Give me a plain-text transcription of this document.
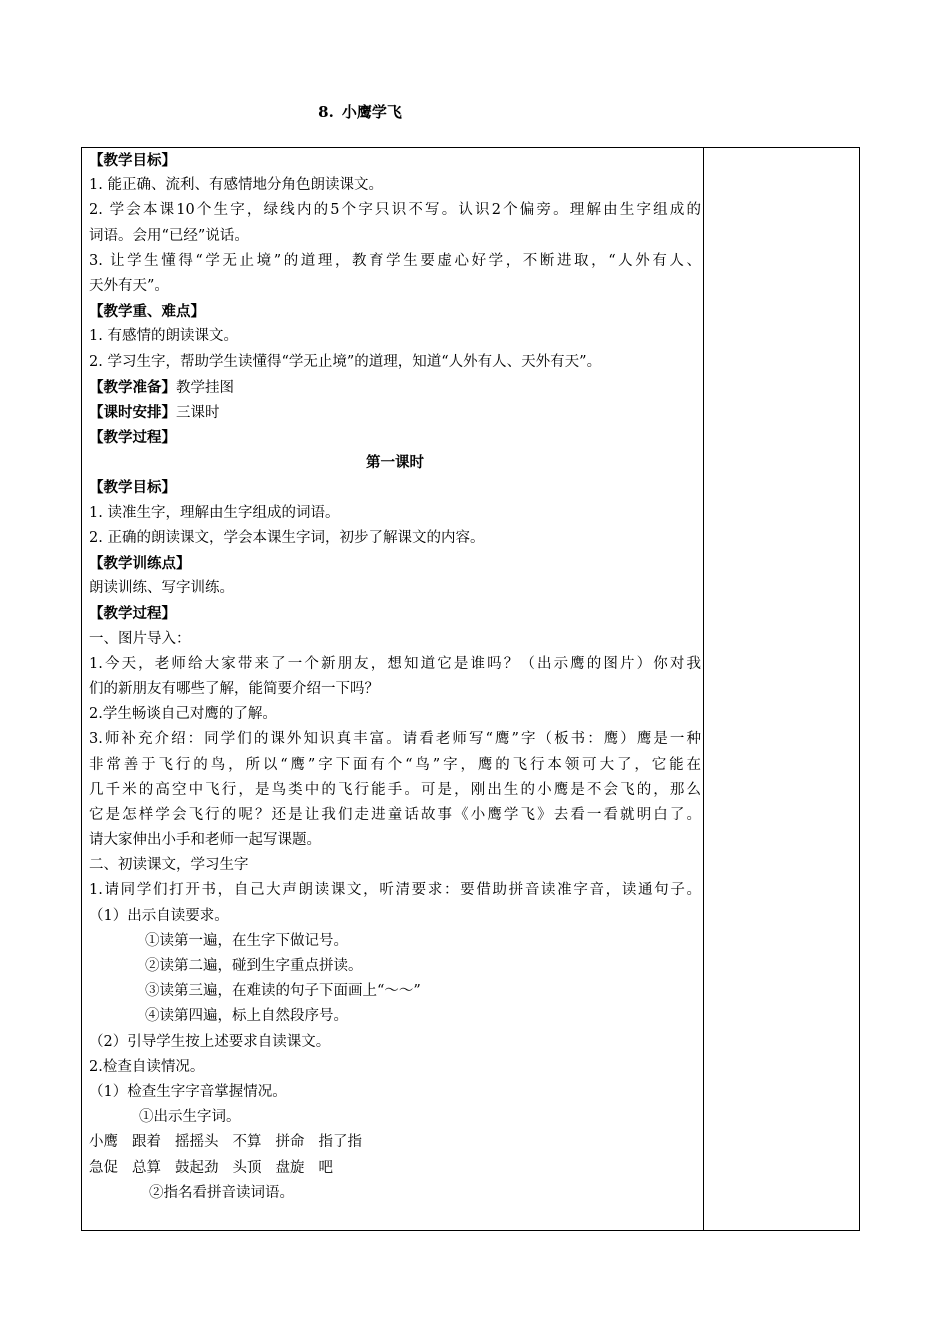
8. 小鹰学飞
【教学目标】
1. 能正确、流利、有感情地分角色朗读课文。
2. 学会本课10个生字，绿线内的5个字只识不写。认识2个偏旁。理解由生字组成的
词语。会用“已经”说话。
3. 让学生懂得“学无止境”的道理，教育学生要虚心好学，不断进取，“人外有人、
天外有天”。
【教学重、难点】
1. 有感情的朗读课文。
2. 学习生字，帮助学生读懂得“学无止境”的道理，知道“人外有人、天外有天”。
【教学准备】教学挂图
【课时安排】三课时
【教学过程】
第一课时
【教学目标】
1. 读准生字，理解由生字组成的词语。
2. 正确的朗读课文，学会本课生字词，初步了解课文的内容。
【教学训练点】
朗读训练、写字训练。
【教学过程】
一、图片导入：
1.今天，老师给大家带来了一个新朋友，想知道它是谁吗？（出示鹰的图片）你对我
们的新朋友有哪些了解，能简要介绍一下吗？
2.学生畅谈自己对鹰的了解。
3.师补充介绍：同学们的课外知识真丰富。请看老师写“鹰”字（板书：鹰）鹰是一种
非常善于飞行的鸟，所以“鹰”字下面有个“鸟”字，鹰的飞行本领可大了，它能在
几千米的高空中飞行，是鸟类中的飞行能手。可是，刚出生的小鹰是不会飞的，那么
它是怎样学会飞行的呢？还是让我们走进童话故事《小鹰学飞》去看一看就明白了。
请大家伸出小手和老师一起写课题。
二、初读课文，学习生字
1.请同学们打开书，自己大声朗读课文，听清要求：要借助拼音读准字音，读通句子。
（1）出示自读要求。
①读第一遍，在生字下做记号。
②读第二遍，碰到生字重点拼读。
③读第三遍，在难读的句子下面画上“～～”
④读第四遍，标上自然段序号。
（2）引导学生按上述要求自读课文。
2.检查自读情况。
（1）检查生字字音掌握情况。
①出示生字词。
小鹰 跟着 摇摇头 不算 拼命 指了指
急促 总算 鼓起劲 头顶 盘旋 吧
②指名看拼音读词语。
